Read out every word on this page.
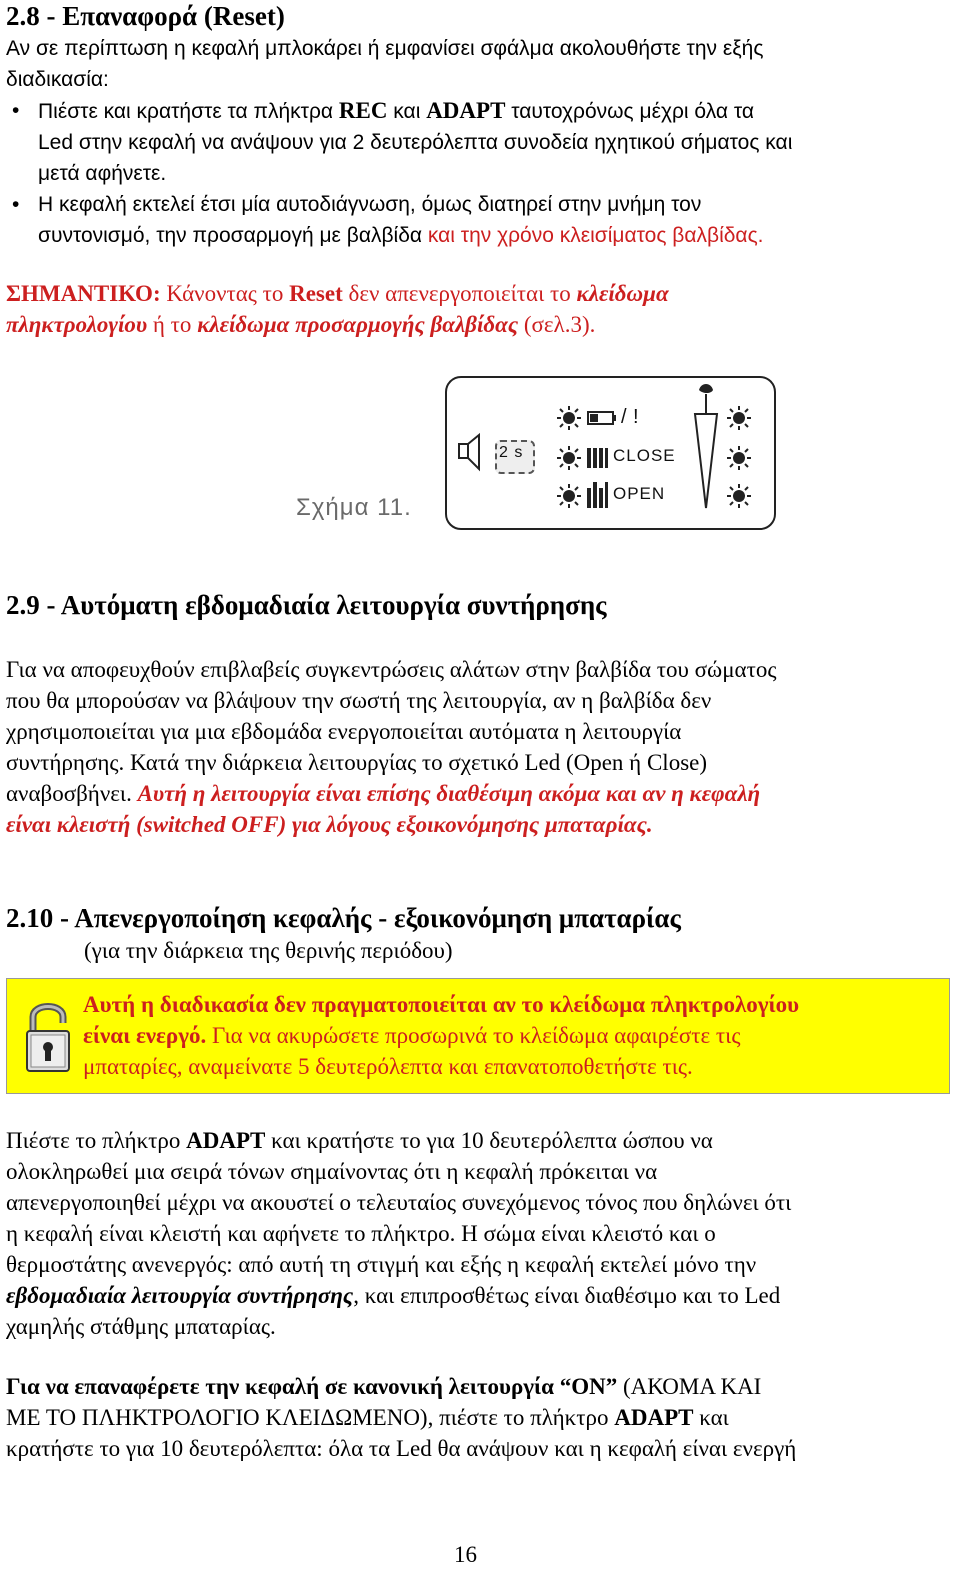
2.8 - Επαναφορά (Reset)
Αν σε περίπτωση η κεφαλή μπλοκάρει ή εμφανίσει σφάλμα ακολουθήστε την εξής
διαδικασία:
• Πιέστε και κρατήστε τα πλήκτρα REC και ADAPT ταυτοχρόνως μέχρι όλα τα
Led στην κεφαλή να ανάψουν για 2 δευτερόλεπτα συνοδεία ηχητικού σήματος και
μετά αφήνετε.
• Η κεφαλή εκτελεί έτσι μία αυτοδιάγνωση, όμως διατηρεί στην μνήμη τον
συντονισμό, την προσαρμογή με βαλβίδα και την χρόνο κλεισίματος βαλβίδας.
ΣΗΜΑΝΤΙΚΟ: Κάνοντας το Reset δεν απενεργοποιείται το κλείδωμα
πληκτρολογίου ή το κλείδωμα προσαρμογής βαλβίδας (σελ.3).
Σχήμα 11.
2 s
/ !
CLOSE
OPEN
2.9 - Αυτόματη εβδομαδιαία λειτουργία συντήρησης
Για να αποφευχθούν επιβλαβείς συγκεντρώσεις αλάτων στην βαλβίδα του σώματος
που θα μπορούσαν να βλάψουν την σωστή της λειτουργία, αν η βαλβίδα δεν
χρησιμοποιείται για μια εβδομάδα ενεργοποιείται αυτόματα η λειτουργία
συντήρησης. Κατά την διάρκεια λειτουργίας το σχετικό Led (Open ή Close)
αναβοσβήνει. Αυτή η λειτουργία είναι επίσης διαθέσιμη ακόμα και αν η κεφαλή
είναι κλειστή (switched OFF) για λόγους εξοικονόμησης μπαταρίας.
2.10 - Απενεργοποίηση κεφαλής - εξοικονόμηση μπαταρίας
(για την διάρκεια της θερινής περιόδου)
Αυτή η διαδικασία δεν πραγματοποιείται αν το κλείδωμα πληκτρολογίου
είναι ενεργό. Για να ακυρώσετε προσωρινά το κλείδωμα αφαιρέστε τις
μπαταρίες, αναμείνατε 5 δευτερόλεπτα και επανατοποθετήστε τις.
Πιέστε το πλήκτρο ADAPT και κρατήστε το για 10 δευτερόλεπτα ώσπου να
ολοκληρωθεί μια σειρά τόνων σημαίνοντας ότι η κεφαλή πρόκειται να
απενεργοποιηθεί μέχρι να ακουστεί ο τελευταίος συνεχόμενος τόνος που δηλώνει ότι
η κεφαλή είναι κλειστή και αφήνετε το πλήκτρο. Η σώμα είναι κλειστό και ο
θερμοστάτης ανενεργός: από αυτή τη στιγμή και εξής η κεφαλή εκτελεί μόνο την
εβδομαδιαία λειτουργία συντήρησης, και επιπροσθέτως είναι διαθέσιμο και το Led
χαμηλής στάθμης μπαταρίας.
Για να επαναφέρετε την κεφαλή σε κανονική λειτουργία “ON” (ΑΚΟΜΑ ΚΑΙ
ΜΕ ΤΟ ΠΛΗΚΤΡΟΛΟΓΙΟ ΚΛΕΙΔΩΜΕΝΟ), πιέστε το πλήκτρο ADAPT και
κρατήστε το για 10 δευτερόλεπτα: όλα τα Led θα ανάψουν και η κεφαλή είναι ενεργή
16
